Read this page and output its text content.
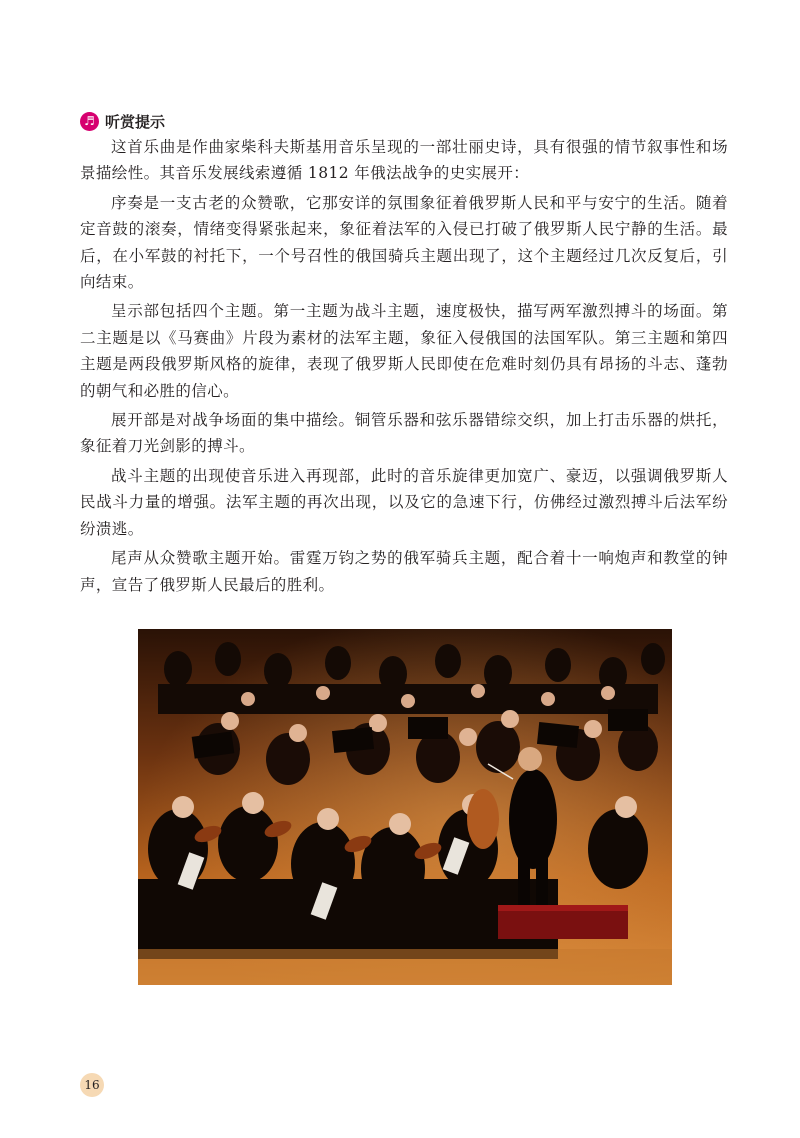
♬ 听赏提示

这首乐曲是作曲家柴科夫斯基用音乐呈现的一部壮丽史诗，具有很强的情节叙事性和场景描绘性。其音乐发展线索遵循 1812 年俄法战争的史实展开：

序奏是一支古老的众赞歌，它那安详的氛围象征着俄罗斯人民和平与安宁的生活。随着定音鼓的滚奏，情绪变得紧张起来，象征着法军的入侵已打破了俄罗斯人民宁静的生活。最后，在小军鼓的衬托下，一个号召性的俄国骑兵主题出现了，这个主题经过几次反复后，引向结束。

呈示部包括四个主题。第一主题为战斗主题，速度极快，描写两军激烈搏斗的场面。第二主题是以《马赛曲》片段为素材的法军主题，象征入侵俄国的法国军队。第三主题和第四主题是两段俄罗斯风格的旋律，表现了俄罗斯人民即使在危难时刻仍具有昂扬的斗志、蓬勃的朝气和必胜的信心。

展开部是对战争场面的集中描绘。铜管乐器和弦乐器错综交织，加上打击乐器的烘托，象征着刀光剑影的搏斗。

战斗主题的出现使音乐进入再现部，此时的音乐旋律更加宽广、豪迈，以强调俄罗斯人民战斗力量的增强。法军主题的再次出现，以及它的急速下行，仿佛经过激烈搏斗后法军纷纷溃逃。

尾声从众赞歌主题开始。雷霆万钧之势的俄军骑兵主题，配合着十一响炮声和教堂的钟声，宣告了俄罗斯人民最后的胜利。

16
